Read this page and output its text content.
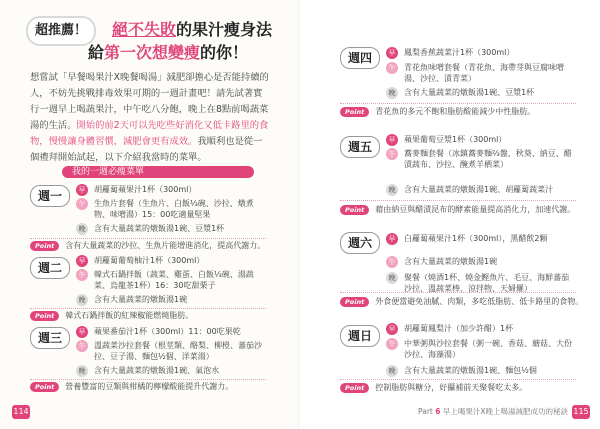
超推薦！	絕不失敗的果汁瘦身法
給第一次想變瘦的你！
想嘗試「早餐喝果汁X晚餐喝湯」減肥卻擔心是否能持續的人，不妨先挑戰排毒效果可期的一週計畫吧！請先試著實行一週早上喝蔬果汁，中午吃八分飽，晚上在8點前喝蔬菜湯的生活。開始的前2天可以先吃些好消化又低卡路里的食物，慢慢讓身體習慣，減肥會更有成效。我順利也是從一個禮拜開始試起，以下介紹我當時的菜單。
我的一週必瘦菜單
週一	早	胡蘿蔔蘋果汁1杯（300ml）
午	生魚片套餐（生魚片、白飯⅓碗、沙拉、燉煮物、味噌湯）15：00吃適量堅果
晚	含有大量蔬菜的燉飯湯1碗、豆漿1杯
Point	含有大量蔬菜的沙拉、生魚片能增進消化，提高代謝力。
週二	早	胡蘿蔔葡萄柚汁1杯（300ml）
午	韓式石鍋拌飯（蔬菜、雞蛋、白飯⅓碗、湯蔬菜、烏龍茶1杯）16：30吃甜栗子
晚	含有大量蔬菜的燉飯湯1碗
Point	韓式石鍋拌飯的紅辣椒能燃燒脂肪。
週三	早	蘋果番茄汁1杯（300ml）11：00吃果乾
午	溫蔬菜沙拉套餐（根莖類、酪梨、柳橙、蕃茄沙拉、豆子湯、麵包½個、洋菜湯）
晚	含有大量蔬菜的燉飯湯1碗、氣泡水
Point	營養豐富的豆類與柑橘的檸檬酸能提升代謝力。
114
週四	早	鳳梨香蕉蔬菜汁1杯（300ml）
午	青花魚味噌套餐（青花魚、海帶芽與豆腐味噌湯、沙拉、漬青菜）
晚	含有大量蔬菜的燉飯湯1碗、豆漿1杯
Point	青花魚的多元不飽和脂肪酸能減少中性脂肪。
週五	早	蘋果葡萄豆漿1杯（300ml）
午	蕎麥麵套餐（冰鎮蕎麥麵⅔盤、秋葵、納豆、醋漬蔬布、沙拉、醃煮羊栖菜）
晚	含有大量蔬菜的燉飯湯1碗、胡蘿蔔蔬菜汁
Point	藉由納豆與醋漬昆布的酵素能量提高消化力，加速代謝。
週六	早	白蘿蔔蘋果汁1杯（300ml），黑醋飲2顆
午	含有大量蔬菜的燉飯湯1碗
晚	聚餐（燒酒1杯、燒金鰹魚片、毛豆、海鮮蕃茄沙拉、溫蔬菜棒、涼拌物、天婦羅）
Point	外食便當避免油膩、肉類，多吃低脂肪、低卡路里的食物。
週日	早	胡蘿蔔鳳梨汁（加少許醋）1杯
午	中華粥與沙拉套餐（粥一碗、香菇、蘑菇、大份沙拉、海藻湯）
晚	含有大量蔬菜的燉飯湯1碗、麵包½個
Point	控制脂肪與糖分，好攝補前天聚餐吃太多。
Part 6 早上喝果汁X晚上喝湯減肥成功的秘訣 115
